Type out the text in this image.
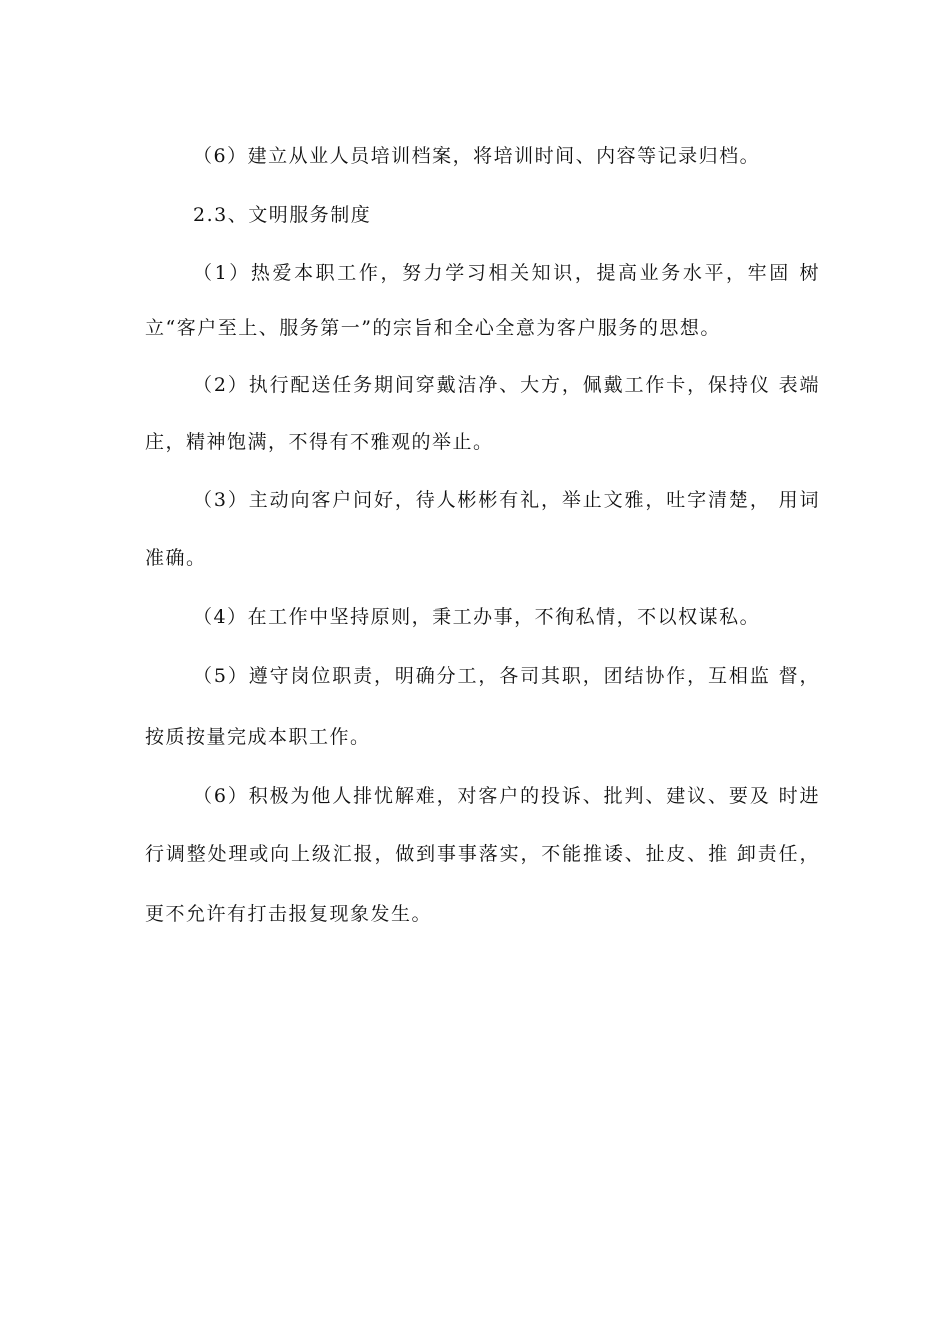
（6）建立从业人员培训档案，将培训时间、内容等记录归档。
2.3、文明服务制度
（1）热爱本职工作，努力学习相关知识，提高业务水平，牢固 树
立“客户至上、服务第一”的宗旨和全心全意为客户服务的思想。
（2）执行配送任务期间穿戴洁净、大方，佩戴工作卡，保持仪 表端
庄，精神饱满，不得有不雅观的举止。
（3）主动向客户问好，待人彬彬有礼，举止文雅，吐字清楚， 用词
准确。
（4）在工作中坚持原则，秉工办事，不徇私情，不以权谋私。
（5）遵守岗位职责，明确分工，各司其职，团结协作，互相监 督，
按质按量完成本职工作。
（6）积极为他人排忧解难，对客户的投诉、批判、建议、要及 时进
行调整处理或向上级汇报，做到事事落实，不能推诿、扯皮、推 卸责任，
更不允许有打击报复现象发生。
